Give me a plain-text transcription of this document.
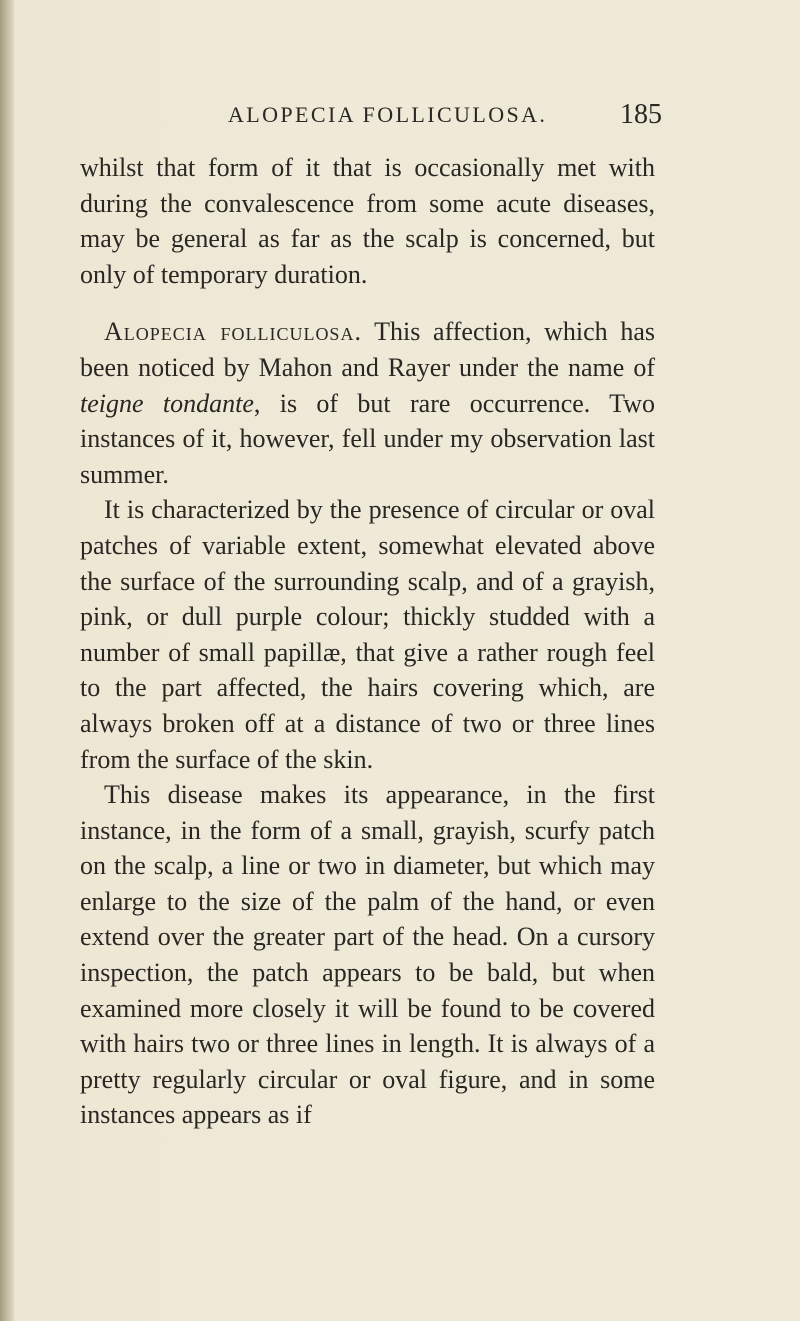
ALOPECIA FOLLICULOSA.	185

whilst that form of it that is occasionally met with during the convalescence from some acute diseases, may be general as far as the scalp is concerned, but only of temporary duration.

Alopecia folliculosa. This affection, which has been noticed by Mahon and Rayer under the name of teigne tondante, is of but rare occurrence. Two instances of it, however, fell under my observation last summer.

It is characterized by the presence of circular or oval patches of variable extent, somewhat elevated above the surface of the surrounding scalp, and of a grayish, pink, or dull purple colour; thickly studded with a number of small papillæ, that give a rather rough feel to the part affected, the hairs covering which, are always broken off at a distance of two or three lines from the surface of the skin.

This disease makes its appearance, in the first instance, in the form of a small, grayish, scurfy patch on the scalp, a line or two in diameter, but which may enlarge to the size of the palm of the hand, or even extend over the greater part of the head. On a cursory inspection, the patch appears to be bald, but when examined more closely it will be found to be covered with hairs two or three lines in length. It is always of a pretty regularly circular or oval figure, and in some instances appears as if
